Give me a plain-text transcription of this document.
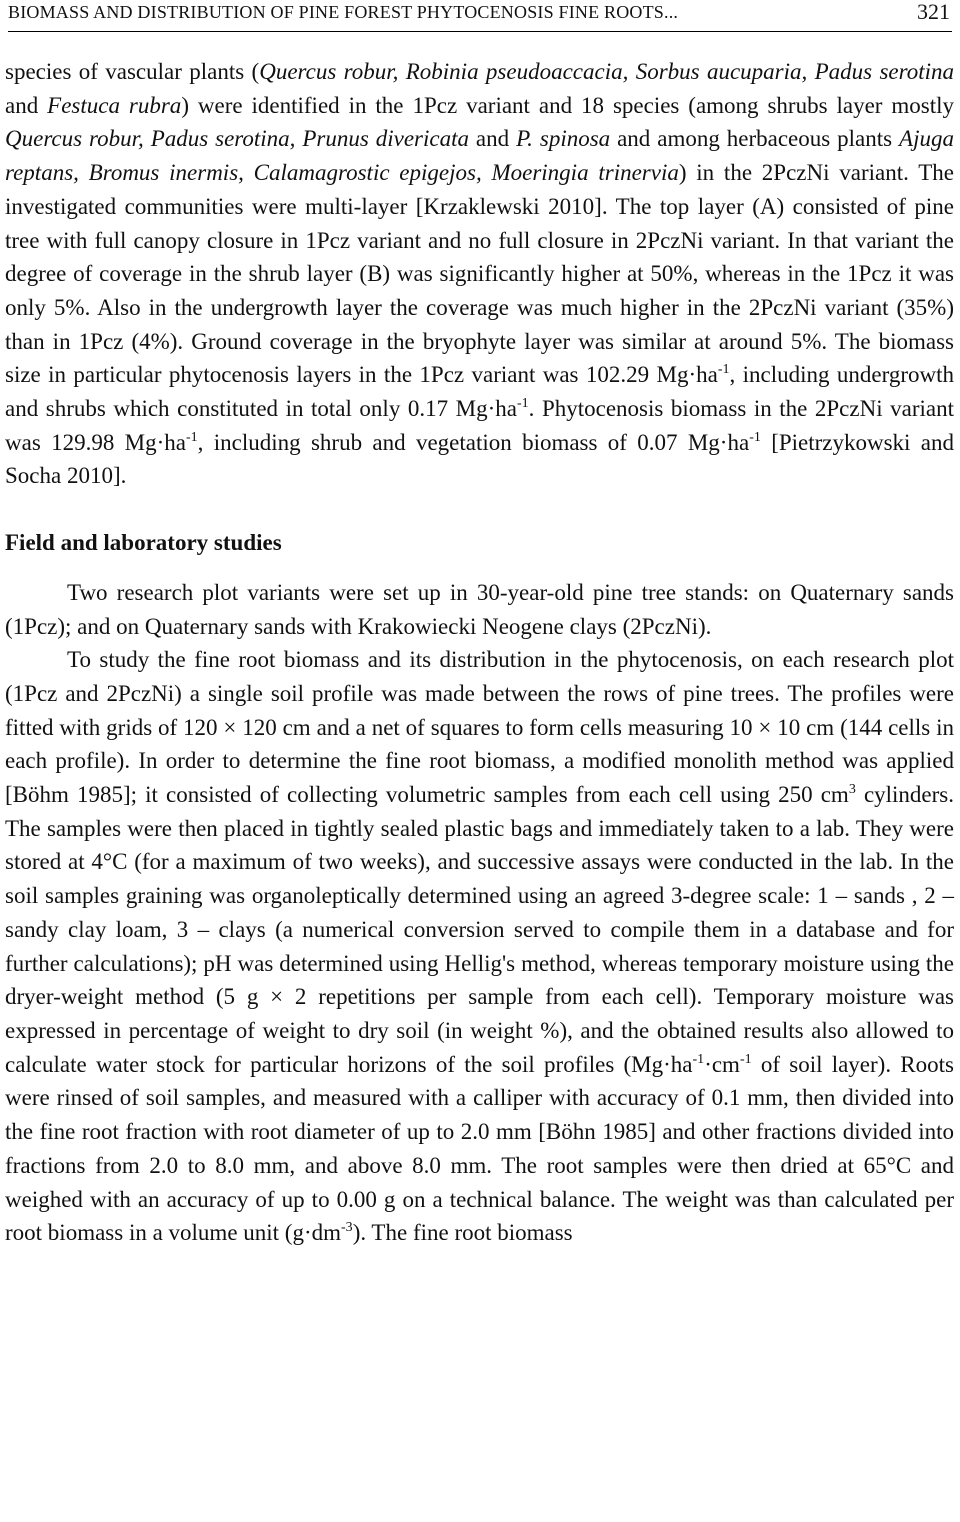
BIOMASS AND DISTRIBUTION OF PINE FOREST PHYTOCENOSIS FINE ROOTS...	321

species of vascular plants (Quercus robur, Robinia pseudoaccacia, Sorbus aucuparia, Padus serotina and Festuca rubra) were identified in the 1Pcz variant and 18 species (among shrubs layer mostly Quercus robur, Padus serotina, Prunus divericata and P. spinosa and among herbaceous plants Ajuga reptans, Bromus inermis, Calamagrostic epigejos, Moeringia trinervia) in the 2PczNi variant. The investigated communities were multi-layer [Krzaklewski 2010]. The top layer (A) consisted of pine tree with full canopy closure in 1Pcz variant and no full closure in 2PczNi variant. In that variant the degree of coverage in the shrub layer (B) was significantly higher at 50%, whereas in the 1Pcz it was only 5%. Also in the undergrowth layer the coverage was much higher in the 2PczNi variant (35%) than in 1Pcz (4%). Ground coverage in the bryophyte layer was similar at around 5%. The biomass size in particular phytocenosis layers in the 1Pcz variant was 102.29 $Mg\cdot ha^{-1}$, including undergrowth and shrubs which constituted in total only 0.17 $Mg\cdot ha^{-1}$. Phytocenosis biomass in the 2PczNi variant was 129.98 $Mg\cdot ha^{-1}$, including shrub and vegetation biomass of 0.07 $Mg\cdot ha^{-1}$ [Pietrzykowski and Socha 2010].

Field and laboratory studies

Two research plot variants were set up in 30-year-old pine tree stands: on Quaternary sands (1Pcz); and on Quaternary sands with Krakowiecki Neogene clays (2PczNi).

To study the fine root biomass and its distribution in the phytocenosis, on each research plot (1Pcz and 2PczNi) a single soil profile was made between the rows of pine trees. The profiles were fitted with grids of 120 × 120 cm and a net of squares to form cells measuring 10 × 10 cm (144 cells in each profile). In order to determine the fine root biomass, a modified monolith method was applied [Böhm 1985]; it consisted of collecting volumetric samples from each cell using 250 $cm^3$ cylinders. The samples were then placed in tightly sealed plastic bags and immediately taken to a lab. They were stored at 4°C (for a maximum of two weeks), and successive assays were conducted in the lab. In the soil samples graining was organoleptically determined using an agreed 3-degree scale: 1 – sands , 2 – sandy clay loam, 3 – clays (a numerical conversion served to compile them in a database and for further calculations); pH was determined using Hellig's method, whereas temporary moisture using the dryer-weight method (5 g × 2 repetitions per sample from each cell). Temporary moisture was expressed in percentage of weight to dry soil (in weight %), and the obtained results also allowed to calculate water stock for particular horizons of the soil profiles ($Mg\cdot ha^{-1}\cdot cm^{-1}$ of soil layer). Roots were rinsed of soil samples, and measured with a calliper with accuracy of 0.1 mm, then divided into the fine root fraction with root diameter of up to 2.0 mm [Böhn 1985] and other fractions divided into fractions from 2.0 to 8.0 mm, and above 8.0 mm. The root samples were then dried at 65°C and weighed with an accuracy of up to 0.00 g on a technical balance. The weight was than calculated per root biomass in a volume unit $(g\cdot dm^{-3})$. The fine root biomass
